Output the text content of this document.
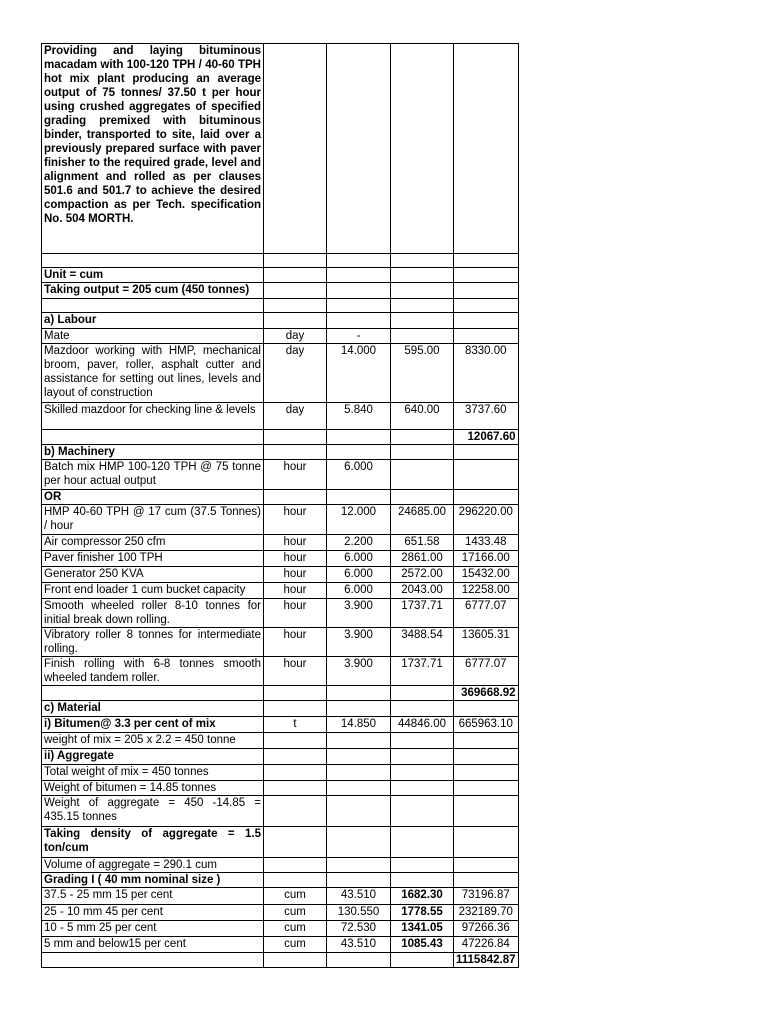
Providing and laying bituminous macadam with 100-120 TPH / 40-60 TPH hot mix plant producing an average output of 75 tonnes/ 37.50 t per hour using crushed aggregates of specified grading premixed with bituminous binder, transported to site, laid over a previously prepared surface with paver finisher to the required grade, level and alignment and rolled as per clauses 501.6 and 501.7 to achieve the desired compaction as per Tech. specification No. 504 MORTH.				

Unit = cum				
Taking output = 205 cum (450 tonnes)				

a) Labour				
Mate	day	-		
Mazdoor working with HMP, mechanical broom, paver, roller, asphalt cutter and assistance for setting out lines, levels and layout of construction	day	14.000	595.00	8330.00
Skilled mazdoor for checking line & levels	day	5.840	640.00	3737.60
				12067.60
b) Machinery				
Batch mix HMP 100-120 TPH @ 75 tonne per hour actual output	hour	6.000		
OR				
HMP 40-60 TPH @ 17 cum (37.5 Tonnes) / hour	hour	12.000	24685.00	296220.00
Air compressor 250 cfm	hour	2.200	651.58	1433.48
Paver finisher 100 TPH	hour	6.000	2861.00	17166.00
Generator 250 KVA	hour	6.000	2572.00	15432.00
Front end loader 1 cum bucket capacity	hour	6.000	2043.00	12258.00
Smooth wheeled roller 8-10 tonnes for initial break down rolling.	hour	3.900	1737.71	6777.07
Vibratory roller 8 tonnes for intermediate rolling.	hour	3.900	3488.54	13605.31
Finish rolling with 6-8 tonnes smooth wheeled tandem roller.	hour	3.900	1737.71	6777.07
				369668.92
c) Material				
i) Bitumen@ 3.3 per cent of mix	t	14.850	44846.00	665963.10
weight of mix = 205 x 2.2 = 450 tonne				
ii) Aggregate				
Total weight of mix = 450 tonnes				
Weight of bitumen = 14.85 tonnes				
Weight of aggregate = 450 -14.85 = 435.15 tonnes				
Taking density of aggregate = 1.5 ton/cum				
Volume of aggregate = 290.1 cum				
Grading I ( 40 mm nominal size )				
37.5 - 25 mm 15 per cent	cum	43.510	1682.30	73196.87
25 - 10 mm 45 per cent	cum	130.550	1778.55	232189.70
10 - 5 mm 25 per cent	cum	72.530	1341.05	97266.36
5 mm and below15 per cent	cum	43.510	1085.43	47226.84
				1115842.87
